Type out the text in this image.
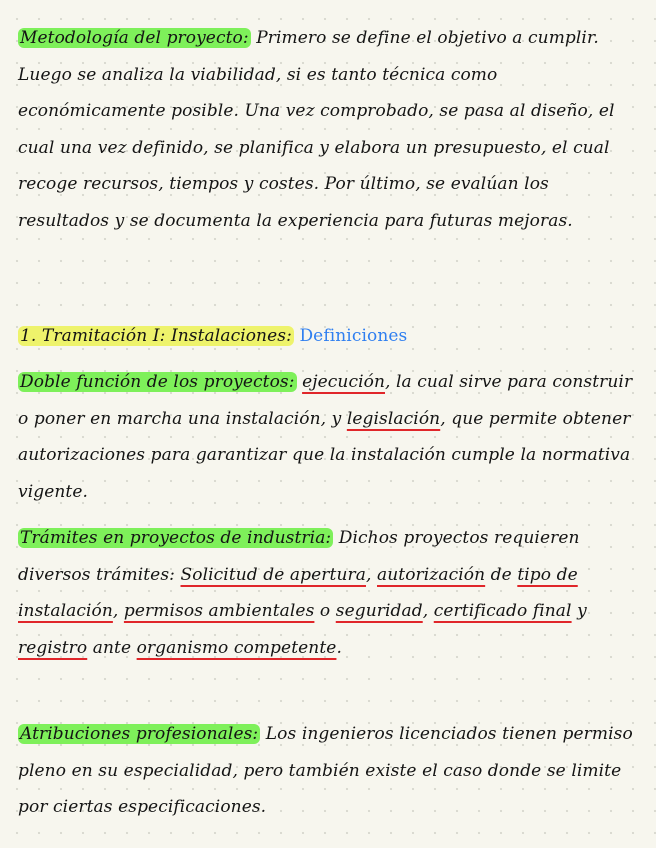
Metodología del proyecto: Primero se define el objetivo a cumplir. Luego se analiza la viabilidad, si es tanto técnica como económicamente posible. Una vez comprobado, se pasa al diseño, el cual una vez definido, se planifica y elabora un presupuesto, el cual recoge recursos, tiempos y costes. Por último, se evalúan los resultados y se documenta la experiencia para futuras mejoras.

1. Tramitación I: Instalaciones: Definiciones

Doble función de los proyectos: ejecución, la cual sirve para construir o poner en marcha una instalación, y legislación, que permite obtener autorizaciones para garantizar que la instalación cumple la normativa vigente.

Trámites en proyectos de industria: Dichos proyectos requieren diversos trámites: Solicitud de apertura, autorización de tipo de instalación, permisos ambientales o seguridad, certificado final y registro ante organismo competente.

Atribuciones profesionales: Los ingenieros licenciados tienen permiso pleno en su especialidad, pero también existe el caso donde se limite por ciertas especificaciones.
